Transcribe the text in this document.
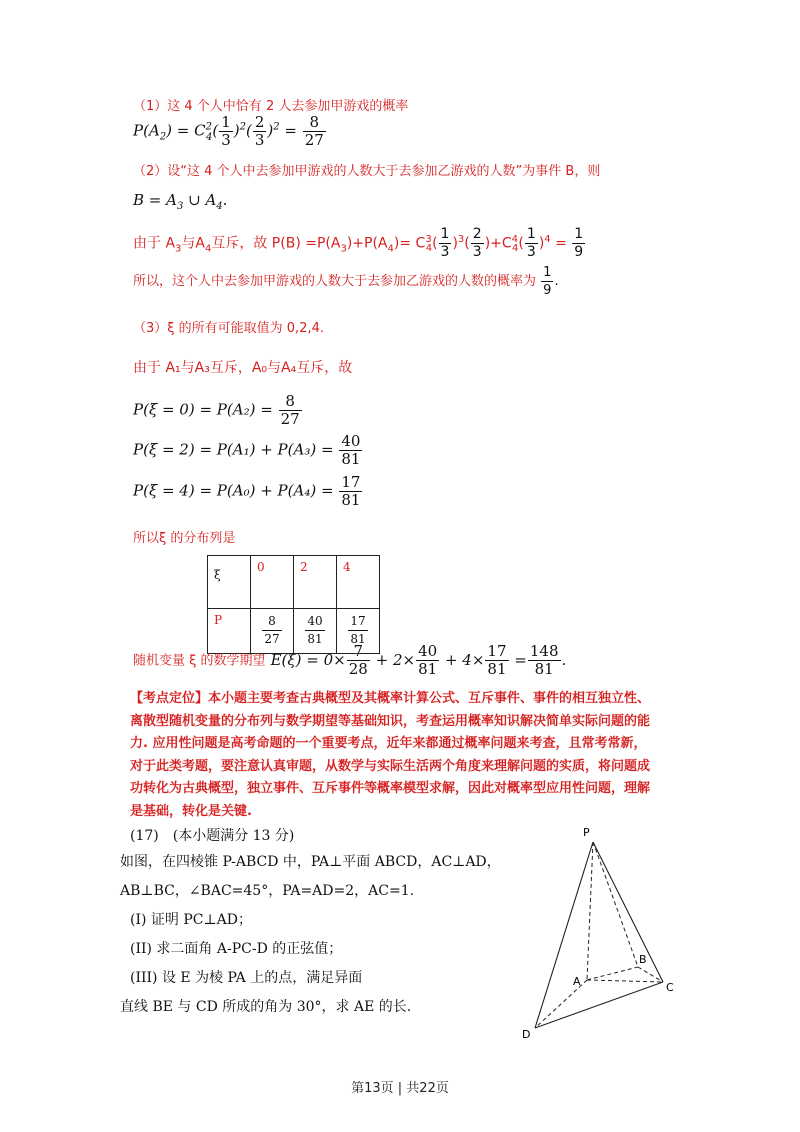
（1）这 4 个人中恰有 2 人去参加甲游戏的概率
$P(A_2) = C^2_4( \frac{1}{3} )^2( \frac{2}{3} )^2 = \frac{8}{27}$
（2）设“这 4 个人中去参加甲游戏的人数大于去参加乙游戏的人数”为事件 B，则
$B = A_3$ ∪ $A_4$.
由于 $A_3$与$A_4$互斥，故 $P(B) =P(A_3)+P(A_4)= C^3_4( \frac{1}{3} )^3( \frac{2}{3} )+C^4_4( \frac{1}{3} )^4 = \frac{1}{9}$
所以，这个人中去参加甲游戏的人数大于去参加乙游戏的人数的概率为 $\frac{1}{9}$ .
（3）ξ 的所有可能取值为 0,2,4.
由于 A₁与A₃互斥，A₀与A₄互斥，故
$P(\xi = 0) = P(A_2) = \frac{8}{27}$
$P(\xi = 2) = P(A_1) + P(A_3) = \frac{40}{81}$
$P(\xi = 4) = P(A_0) + P(A_4) = \frac{17}{81}$
所以ξ 的分布列是
ξ	0	2	4
P	$\frac{8}{27}$	$\frac{40}{81}$	$\frac{17}{81}$
随机变量 ξ 的数学期望 $E(\xi) = 0\times \frac{7}{28} + 2\times \frac{40}{81} + 4\times \frac{17}{81} = \frac{148}{81}$ .
【考点定位】本小题主要考查古典概型及其概率计算公式、互斥事件、事件的相互独立性、
离散型随机变量的分布列与数学期望等基础知识，考查运用概率知识解决简单实际问题的能
力. 应用性问题是高考命题的一个重要考点，近年来都通过概率问题来考查，且常考常新，
对于此类考题，要注意认真审题，从数学与实际生活两个角度来理解问题的实质，将问题成
功转化为古典概型，独立事件、互斥事件等概率模型求解，因此对概率型应用性问题，理解
是基础，转化是关键.
(17)　(本小题满分 13 分)
如图，在四棱锥 P-ABCD 中，PA⊥平面 ABCD，AC⊥AD，
AB⊥BC，∠BAC=45°，PA=AD=2，AC=1.
(I) 证明 PC⊥AD；
(II) 求二面角 A-PC-D 的正弦值；
(III) 设 E 为棱 PA 上的点，满足异面
直线 BE 与 CD 所成的角为 30°，求 AE 的长.
P
A
B
C
D
第13页 | 共22页
